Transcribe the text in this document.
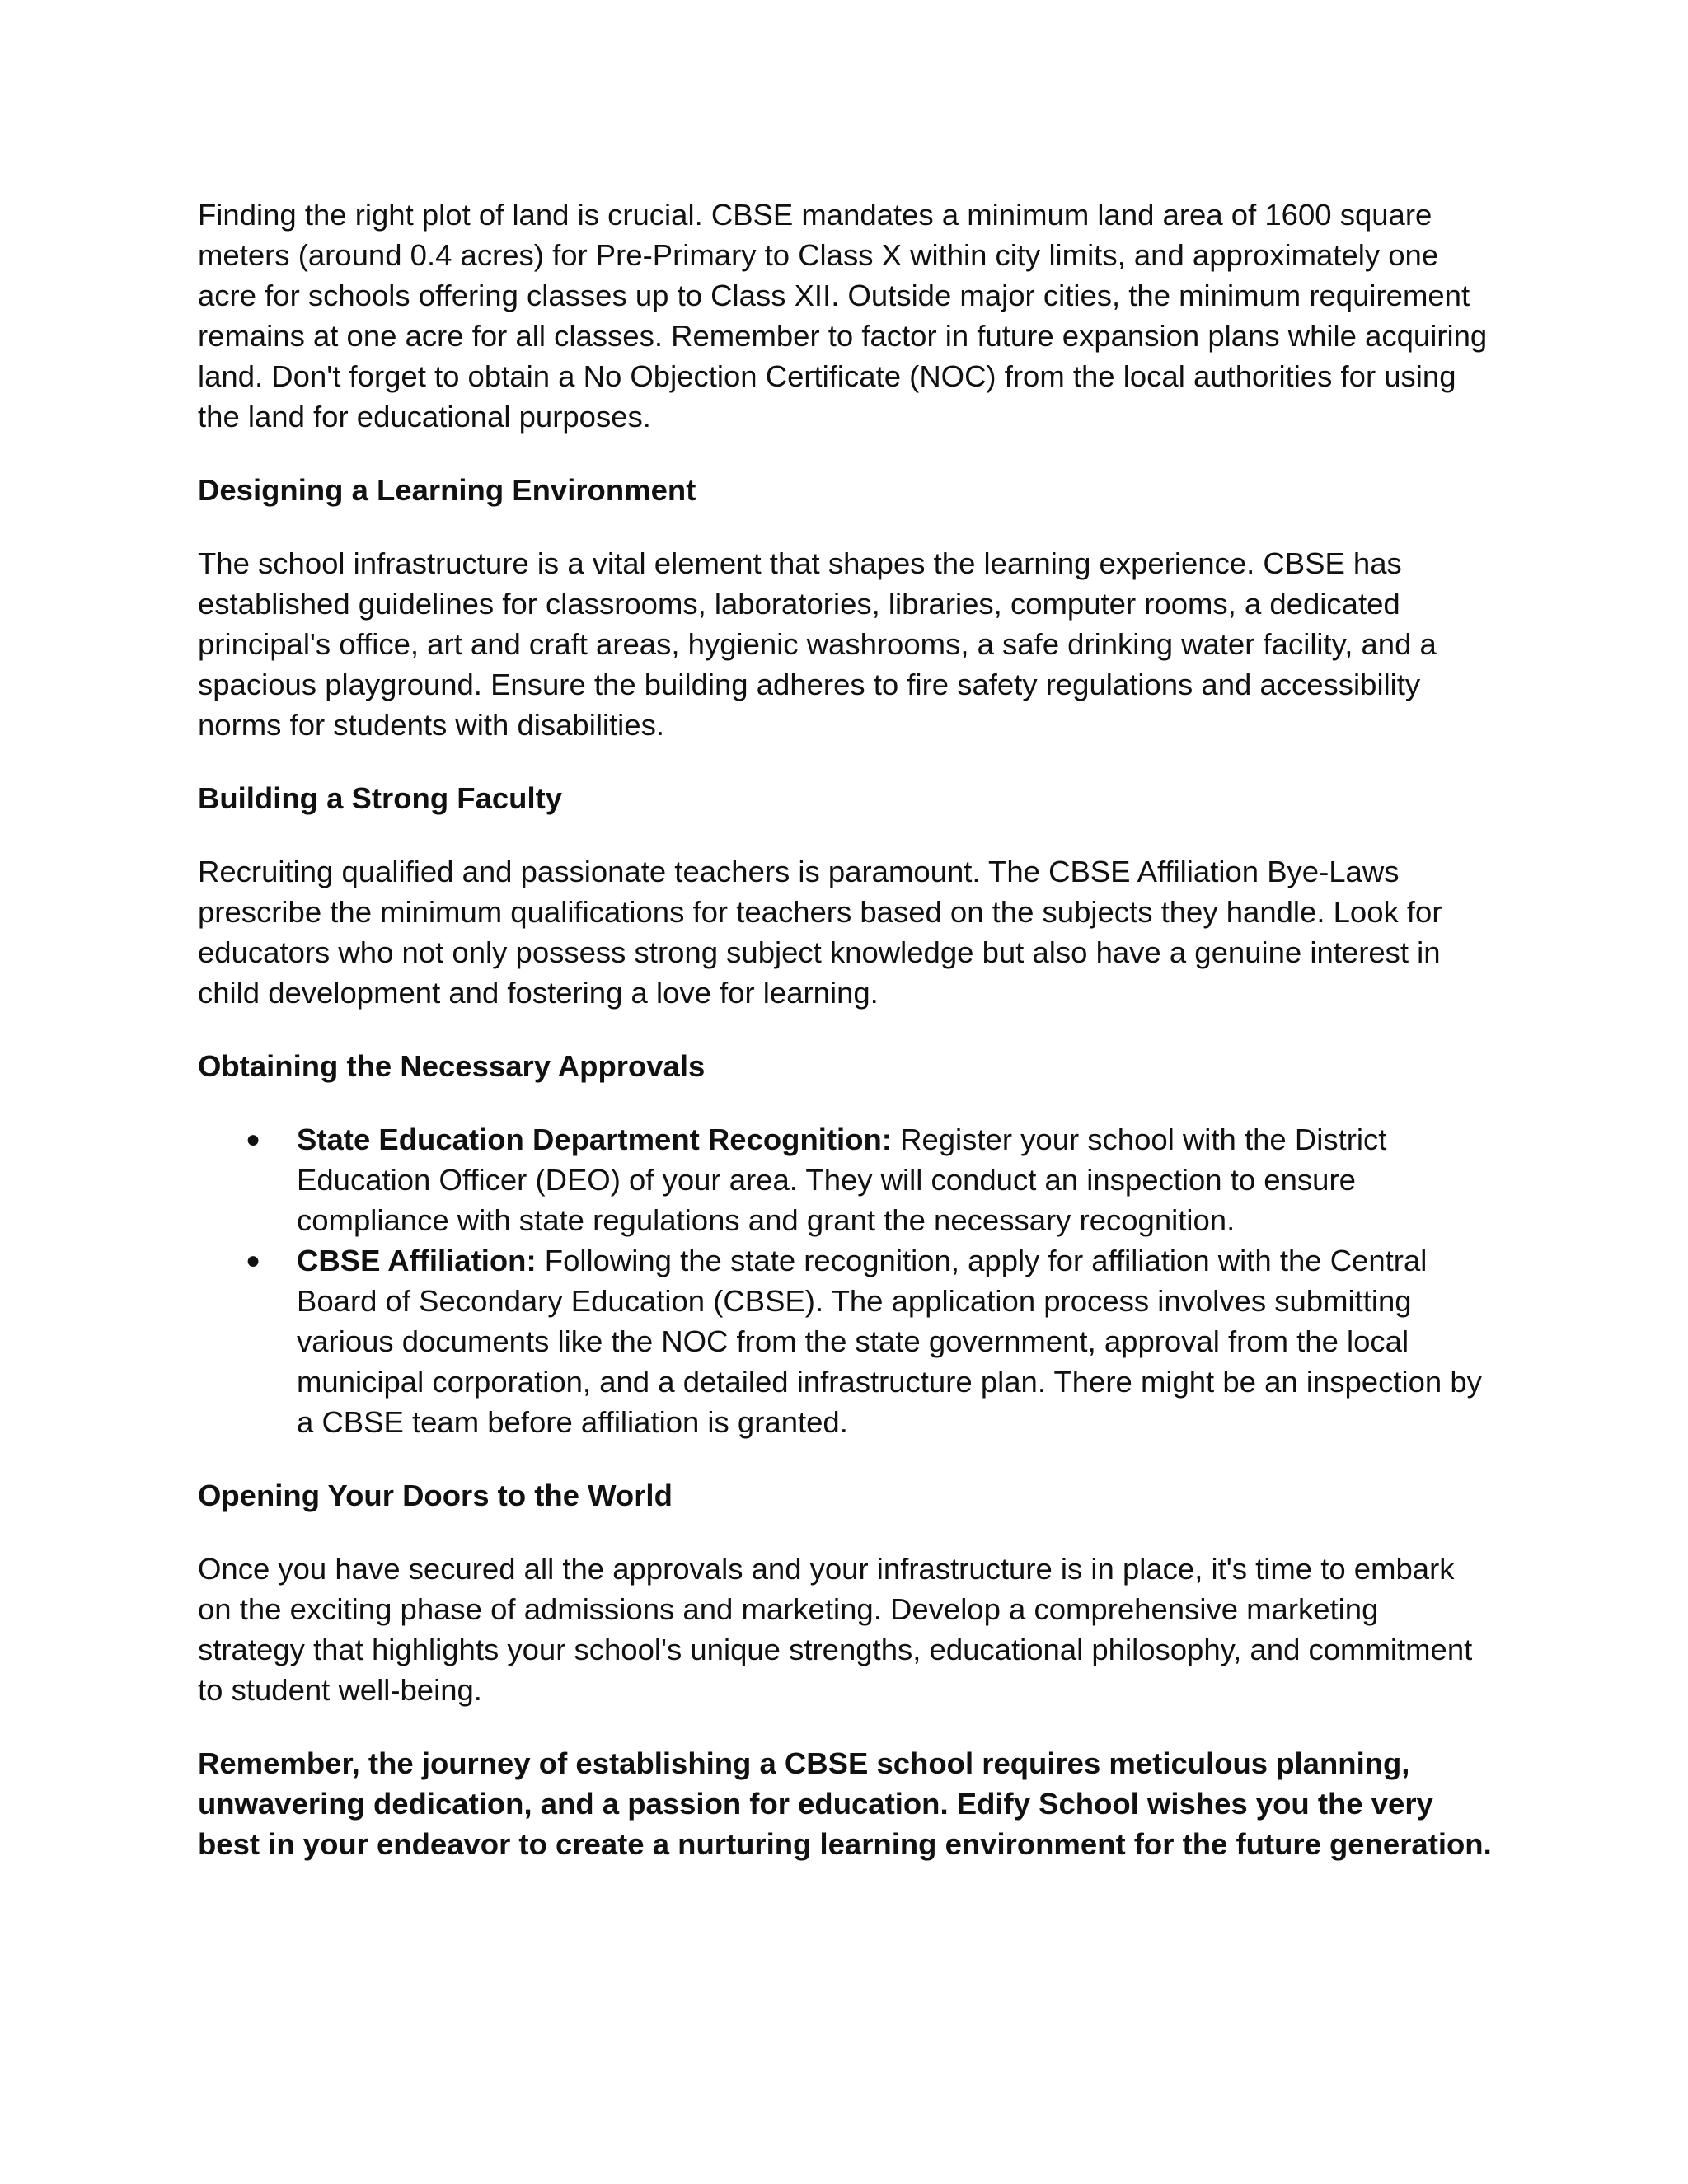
Finding the right plot of land is crucial. CBSE mandates a minimum land area of 1600 square meters (around 0.4 acres) for Pre-Primary to Class X within city limits, and approximately one acre for schools offering classes up to Class XII. Outside major cities, the minimum requirement remains at one acre for all classes. Remember to factor in future expansion plans while acquiring land. Don't forget to obtain a No Objection Certificate (NOC) from the local authorities for using the land for educational purposes.

Designing a Learning Environment

The school infrastructure is a vital element that shapes the learning experience. CBSE has established guidelines for classrooms, laboratories, libraries, computer rooms, a dedicated principal's office, art and craft areas, hygienic washrooms, a safe drinking water facility, and a spacious playground. Ensure the building adheres to fire safety regulations and accessibility norms for students with disabilities.

Building a Strong Faculty

Recruiting qualified and passionate teachers is paramount. The CBSE Affiliation Bye-Laws prescribe the minimum qualifications for teachers based on the subjects they handle. Look for educators who not only possess strong subject knowledge but also have a genuine interest in child development and fostering a love for learning.

Obtaining the Necessary Approvals

● State Education Department Recognition: Register your school with the District Education Officer (DEO) of your area. They will conduct an inspection to ensure compliance with state regulations and grant the necessary recognition.
● CBSE Affiliation: Following the state recognition, apply for affiliation with the Central Board of Secondary Education (CBSE). The application process involves submitting various documents like the NOC from the state government, approval from the local municipal corporation, and a detailed infrastructure plan. There might be an inspection by a CBSE team before affiliation is granted.

Opening Your Doors to the World

Once you have secured all the approvals and your infrastructure is in place, it's time to embark on the exciting phase of admissions and marketing. Develop a comprehensive marketing strategy that highlights your school's unique strengths, educational philosophy, and commitment to student well-being.

Remember, the journey of establishing a CBSE school requires meticulous planning, unwavering dedication, and a passion for education. Edify School wishes you the very best in your endeavor to create a nurturing learning environment for the future generation.
